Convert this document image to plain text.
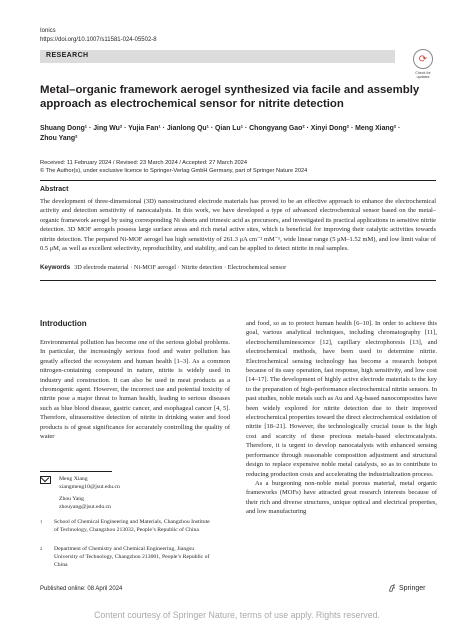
Ionics
https://doi.org/10.1007/s11581-024-05502-8
RESEARCH	⟳
Check for
updates
Metal–organic framework aerogel synthesized via facile and assembly approach as electrochemical sensor for nitrite detection
Shuang Dong¹ · Jing Wu² · Yujia Fan¹ · Jianlong Qu¹ · Qian Lu¹ · Chongyang Gao² · Xinyi Dong² · Meng Xiang² ·
Zhou Yang²
Received: 11 February 2024 / Revised: 23 March 2024 / Accepted: 27 March 2024
© The Author(s), under exclusive licence to Springer-Verlag GmbH Germany, part of Springer Nature 2024
Abstract
The development of three-dimensional (3D) nanostructured electrode materials has proved to be an effective approach to enhance the electrochemical activity and detection sensitivity of nanocatalysts. In this work, we have developed a type of advanced electrochemical sensor based on the metal–organic framework aerogel by using corresponding Ni sheets and trimesic acid as precursors, and investigated its practical applications in sensitive nitrite detection. 3D MOF aerogels possess large surface areas and rich metal active sites, which is beneficial for improving their catalytic activities towards nitrite detection. The perpared Ni-MOF aerogel has high sensitivity of 261.3 μA cm⁻² mM⁻¹, wide linear range (5 μM–1.52 mM), and low limit value of 0.5 μM, as well as excellent selectivity, reproducibility, and stability, and can be applied to detect nitrite in real samples.
Keywords 3D electrode material · Ni-MOF aerogel · Nitrite detection · Electrochemical sensor
Introduction
Environmental pollution has become one of the serious global problems. In particular, the increasingly serious food and water pollution has greatly affected the ecosystem and human health [1–3]. As a common nitrogen-containing compound in nature, nitrite is widely used in industry and construction. It can also be used in meat products as a chromogenic agent. However, the incorrect use and potential toxicity of nitrite pose a major threat to human health, leading to serious diseases such as blue blood disease, gastric cancer, and esophageal cancer [4, 5]. Therefore, ultrasensitive detection of nitrite in drinking water and food products is of great significance for accurately controlling the quality of water

and food, so as to protect human health [6–10]. In order to achieve this goal, various analytical techniques, including chromatography [11], electrochemiluminescence [12], capillary electrophoresis [13], and electrochemical methods, have been used to determine nitrite. Electrochemical sensing technology has become a research hotspot because of its easy operation, fast response, high sensitivity, and low cost [14–17]. The development of highly active electrode materials is the key to the preparation of high-performance electrochemical nitrite sensors. In past studies, noble metals such as Au and Ag-based nanocomposites have been widely explored for nitrite detection due to their improved electrochemical properties toward the direct electrochemical oxidation of nitrite [18–21]. However, the technologically crucial issue is the high cost and scarcity of these precious metals-based electrocatalysts. Therefore, it is urgent to develop nanocatalysts with enhanced sensing performance through reasonable composition adjustment and structural design to replace expensive noble metal catalysts, so as to contribute to reducing production costs and accelerating the industrialization process.

As a burgeoning non-noble metal porous material, metal organic frameworks (MOFs) have attracted great research interests because of their rich and diverse structures, unique optical and electrical properties, and low manufacturing

Meng Xiang
xiangmeng10@jsut.edu.cn
Zhou Yang
zhouyang@jsut.edu.cn
1	School of Chemical Engineering and Materials, Changzhou Institute of Technology, Changzhou 213032, People’s Republic of China
2	Department of Chemistry and Chemical Engineering, Jiangsu University of Technology, Changzhou 213001, People’s Republic of China
Published online: 08 April 2024	Springer
Content courtesy of Springer Nature, terms of use apply. Rights reserved.
